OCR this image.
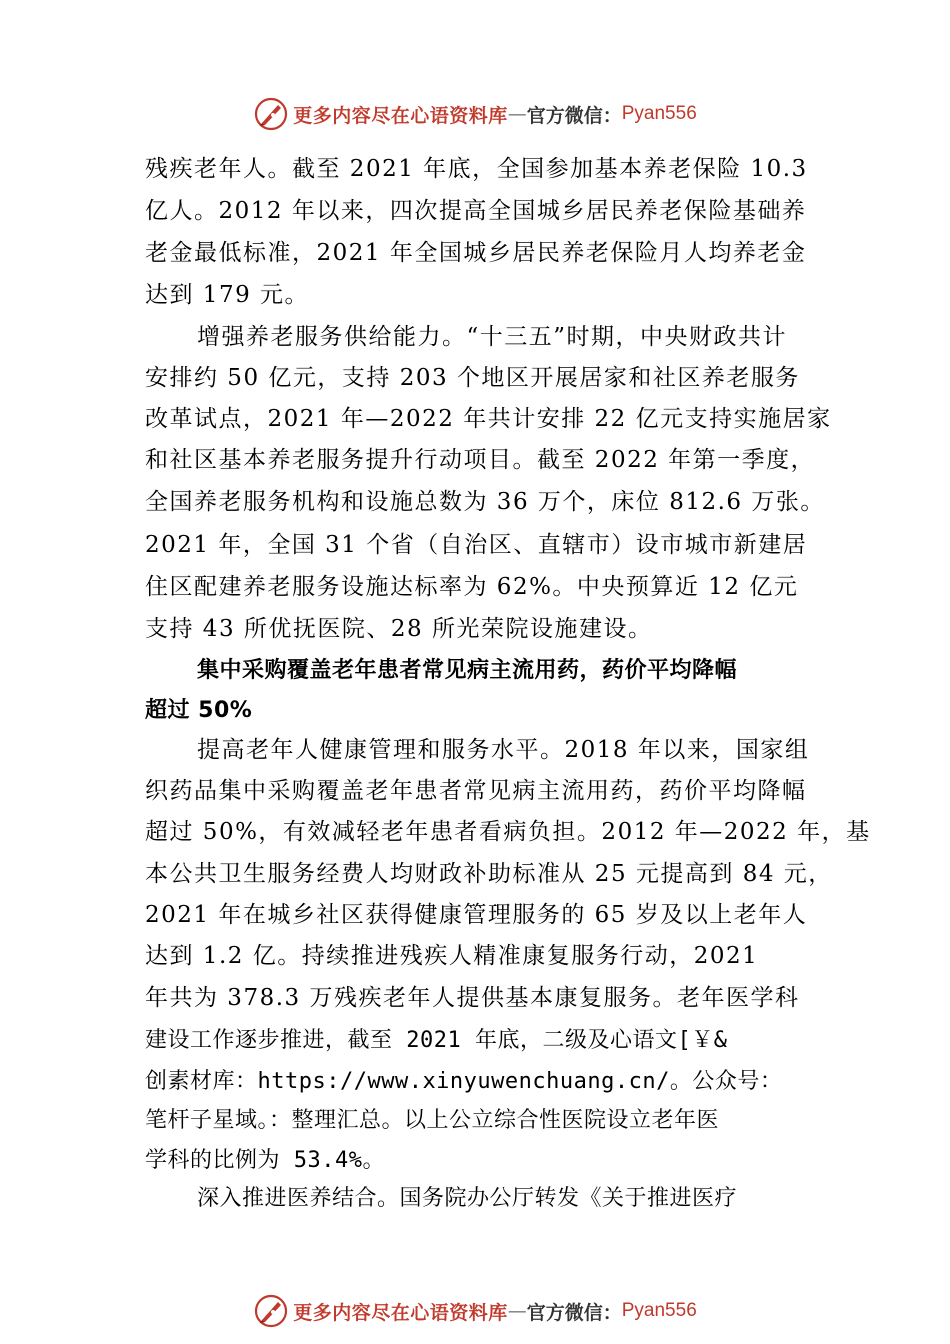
更多内容尽在心语资料库 — 官方微信： Pyan556
残疾老年人。截至 2021 年底，全国参加基本养老保险 10.3
亿人。2012 年以来，四次提高全国城乡居民养老保险基础养
老金最低标准，2021 年全国城乡居民养老保险月人均养老金
达到 179 元。
增强养老服务供给能力。“十三五”时期，中央财政共计
安排约 50 亿元，支持 203 个地区开展居家和社区养老服务
改革试点，2021 年—2022 年共计安排 22 亿元支持实施居家
和社区基本养老服务提升行动项目。截至 2022 年第一季度，
全国养老服务机构和设施总数为 36 万个，床位 812.6 万张。
2021 年，全国 31 个省（自治区、直辖市）设市城市新建居
住区配建养老服务设施达标率为 62%。中央预算近 12 亿元
支持 43 所优抚医院、28 所光荣院设施建设。
集中采购覆盖老年患者常见病主流用药，药价平均降幅
超过 50%
提高老年人健康管理和服务水平。2018 年以来，国家组
织药品集中采购覆盖老年患者常见病主流用药，药价平均降幅
超过 50%，有效减轻老年患者看病负担。2012 年—2022 年，基
本公共卫生服务经费人均财政补助标准从 25 元提高到 84 元，
2021 年在城乡社区获得健康管理服务的 65 岁及以上老年人
达到 1.2 亿。持续推进残疾人精准康复服务行动，2021
年共为 378.3 万残疾老年人提供基本康复服务。老年医学科
建设工作逐步推进，截至 2021 年底，二级及心语文[￥&
创素材库：https://www.xinyuwenchuang.cn/。公众号：
笔杆子星域。：整理汇总。以上公立综合性医院设立老年医
学科的比例为 53.4%。
深入推进医养结合。国务院办公厅转发《关于推进医疗
更多内容尽在心语资料库 — 官方微信： Pyan556
